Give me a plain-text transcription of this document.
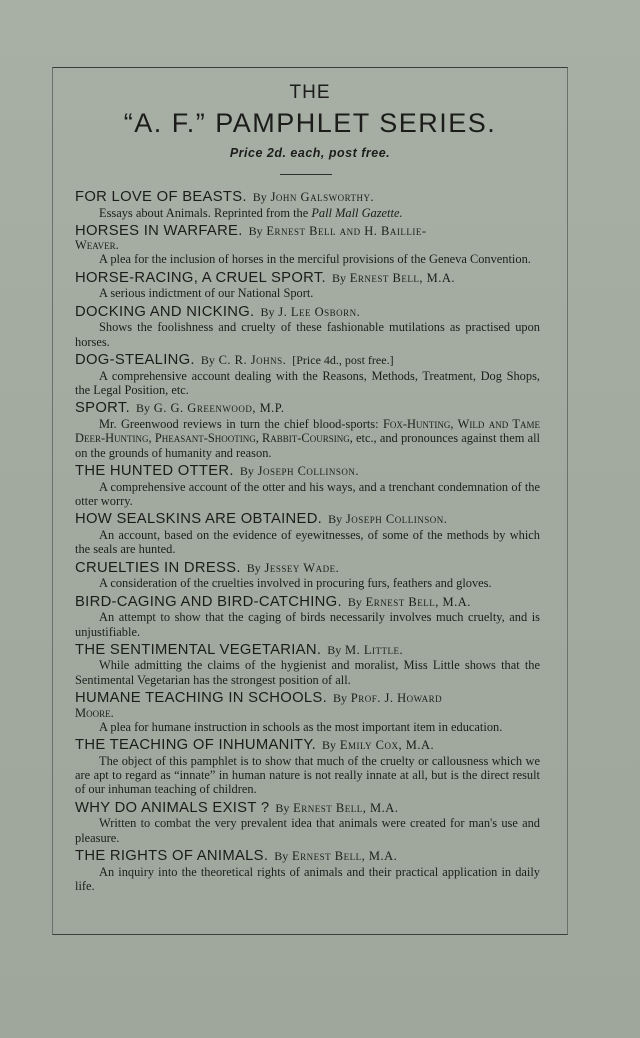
THE
“A. F.” PAMPHLET SERIES.
Price 2d. each, post free.
FOR LOVE OF BEASTS. By John Galsworthy.

Essays about Animals. Reprinted from the Pall Mall Gazette.

HORSES IN WARFARE. By Ernest Bell and H. Baillie-
Weaver.

A plea for the inclusion of horses in the merciful provisions of the Geneva Convention.

HORSE-RACING, A CRUEL SPORT. By Ernest Bell, M.A.

A serious indictment of our National Sport.

DOCKING AND NICKING. By J. Lee Osborn.

Shows the foolishness and cruelty of these fashionable mutilations as practised upon horses.

DOG-STEALING. By C. R. Johns. [Price 4d., post free.]

A comprehensive account dealing with the Reasons, Methods, Treatment, Dog Shops, the Legal Position, etc.

SPORT. By G. G. Greenwood, M.P.

Mr. Greenwood reviews in turn the chief blood-sports: Fox-Hunting, Wild and Tame Deer-Hunting, Pheasant-Shooting, Rabbit-Coursing, etc., and pronounces against them all on the grounds of humanity and reason.

THE HUNTED OTTER. By Joseph Collinson.

A comprehensive account of the otter and his ways, and a trenchant condemnation of the otter worry.

HOW SEALSKINS ARE OBTAINED. By Joseph Collinson.

An account, based on the evidence of eyewitnesses, of some of the methods by which the seals are hunted.

CRUELTIES IN DRESS. By Jessey Wade.

A consideration of the cruelties involved in procuring furs, feathers and gloves.

BIRD-CAGING AND BIRD-CATCHING. By Ernest Bell, M.A.

An attempt to show that the caging of birds necessarily involves much cruelty, and is unjustifiable.

THE SENTIMENTAL VEGETARIAN. By M. Little.

While admitting the claims of the hygienist and moralist, Miss Little shows that the Sentimental Vegetarian has the strongest position of all.

HUMANE TEACHING IN SCHOOLS. By Prof. J. Howard
Moore.

A plea for humane instruction in schools as the most important item in education.

THE TEACHING OF INHUMANITY. By Emily Cox, M.A.

The object of this pamphlet is to show that much of the cruelty or callousness which we are apt to regard as “innate” in human nature is not really innate at all, but is the direct result of our inhuman teaching of children.

WHY DO ANIMALS EXIST ? By Ernest Bell, M.A.

Written to combat the very prevalent idea that animals were created for man's use and pleasure.

THE RIGHTS OF ANIMALS. By Ernest Bell, M.A.

An inquiry into the theoretical rights of animals and their practical application in daily life.
